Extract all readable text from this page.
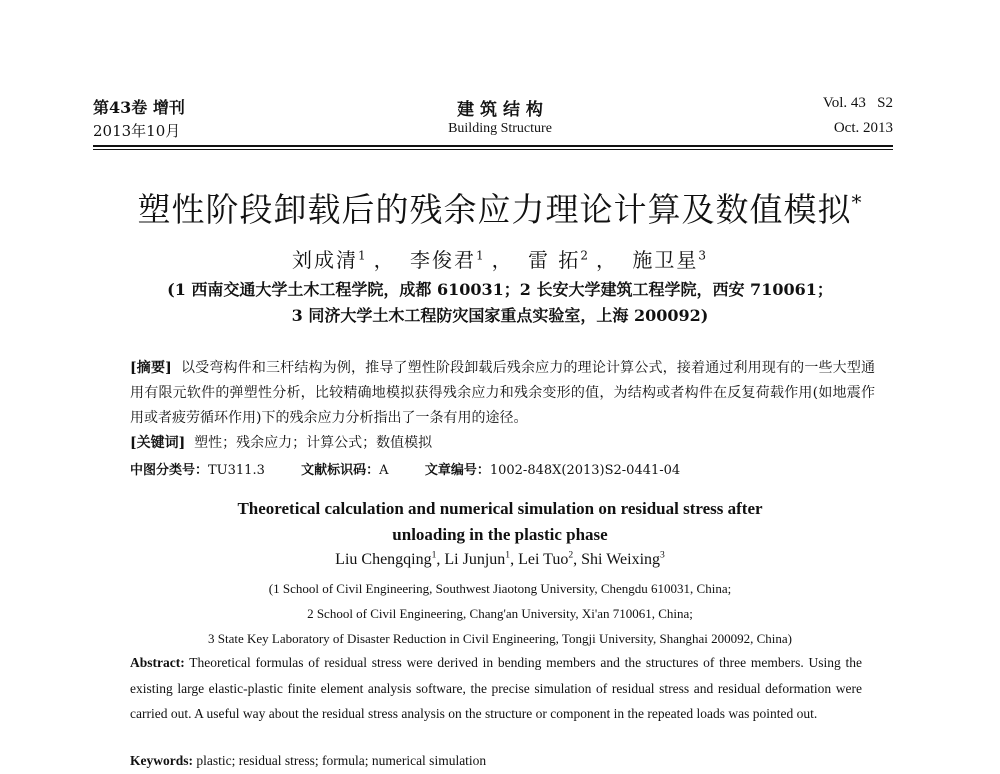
第43卷 增刊
2013年10月
建 筑 结 构
Building Structure
Vol. 43   S2
Oct. 2013
塑性阶段卸载后的残余应力理论计算及数值模拟*
刘成清$^1$ ， 李俊君$^1$ ， 雷 拓$^2$ ， 施卫星$^3$
(1 西南交通大学土木工程学院，成都 610031；2 长安大学建筑工程学院，西安 710061；
3 同济大学土木工程防灾国家重点实验室，上海 200092)
[摘要] 以受弯构件和三杆结构为例，推导了塑性阶段卸载后残余应力的理论计算公式，接着通过利用现有的一些大型通用有限元软件的弹塑性分析，比较精确地模拟获得残余应力和残余变形的值，为结构或者构件在反复荷载作用(如地震作用或者疲劳循环作用)下的残余应力分析指出了一条有用的途径。
[关键词] 塑性；残余应力；计算公式；数值模拟
中图分类号：TU311.3	文献标识码：A	文章编号：1002-848X(2013)S2-0441-04
Theoretical calculation and numerical simulation on residual stress after
unloading in the plastic phase
Liu Chengqing$^1$, Li Junjun$^1$, Lei Tuo$^2$, Shi Weixing$^3$
(1 School of Civil Engineering, Southwest Jiaotong University, Chengdu 610031, China;
2 School of Civil Engineering, Chang'an University, Xi'an 710061, China;
3 State Key Laboratory of Disaster Reduction in Civil Engineering, Tongji University, Shanghai 200092, China)
Abstract: Theoretical formulas of residual stress were derived in bending members and the structures of three members. Using the existing large elastic-plastic finite element analysis software, the precise simulation of residual stress and residual deformation were carried out. A useful way about the residual stress analysis on the structure or component in the repeated loads was pointed out.
Keywords: plastic; residual stress; formula; numerical simulation
